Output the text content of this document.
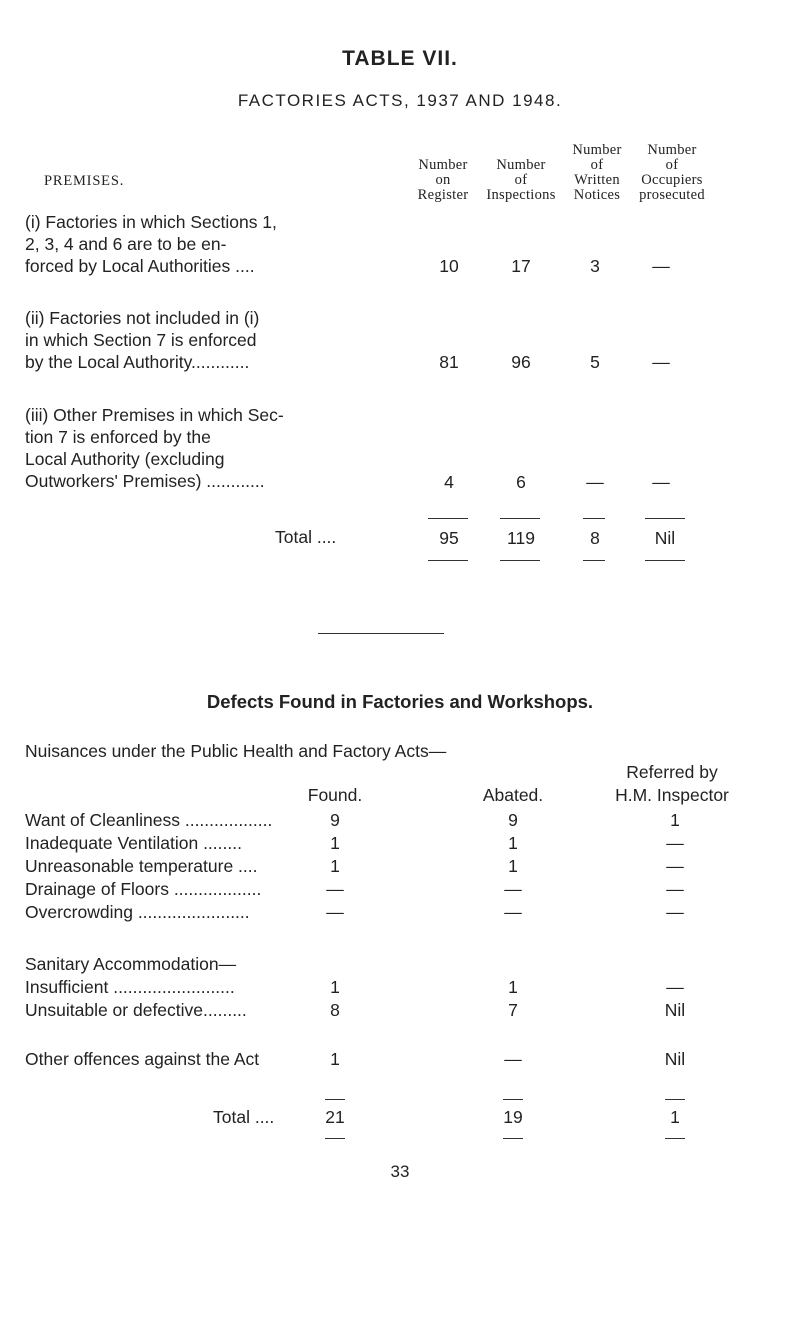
TABLE VII.
FACTORIES ACTS, 1937 AND 1948.
PREMISES.
Number
on
Register
Number
of
Inspections
Number
of
Written
Notices
Number
of
Occupiers
prosecuted
(i) Factories in which Sections 1,
2, 3, 4 and 6 are to be en-
forced by Local Authorities ....	10	17	3	—
(ii) Factories not included in (i)
in which Section 7 is enforced
by the Local Authority............	81	96	5	—
(iii) Other Premises in which Sec-
tion 7 is enforced by the
Local Authority (excluding
Outworkers' Premises) ............	4	6	—	—
Total ....	95	119	8	Nil
Defects Found in Factories and Workshops.
Nuisances under the Public Health and Factory Acts—
Found.	Abated.
Referred by
H.M. Inspector
Want of Cleanliness ..................	9	9	1
Inadequate Ventilation ........	1	1	—
Unreasonable temperature ....	1	1	—
Drainage of Floors ..................	—	—	—
Overcrowding .......................	—	—	—
Sanitary Accommodation—
Insufficient .........................	1	1	—
Unsuitable or defective.........	8	7	Nil
Other offences against the Act	1	—	Nil
Total ....	21	19	1
33
